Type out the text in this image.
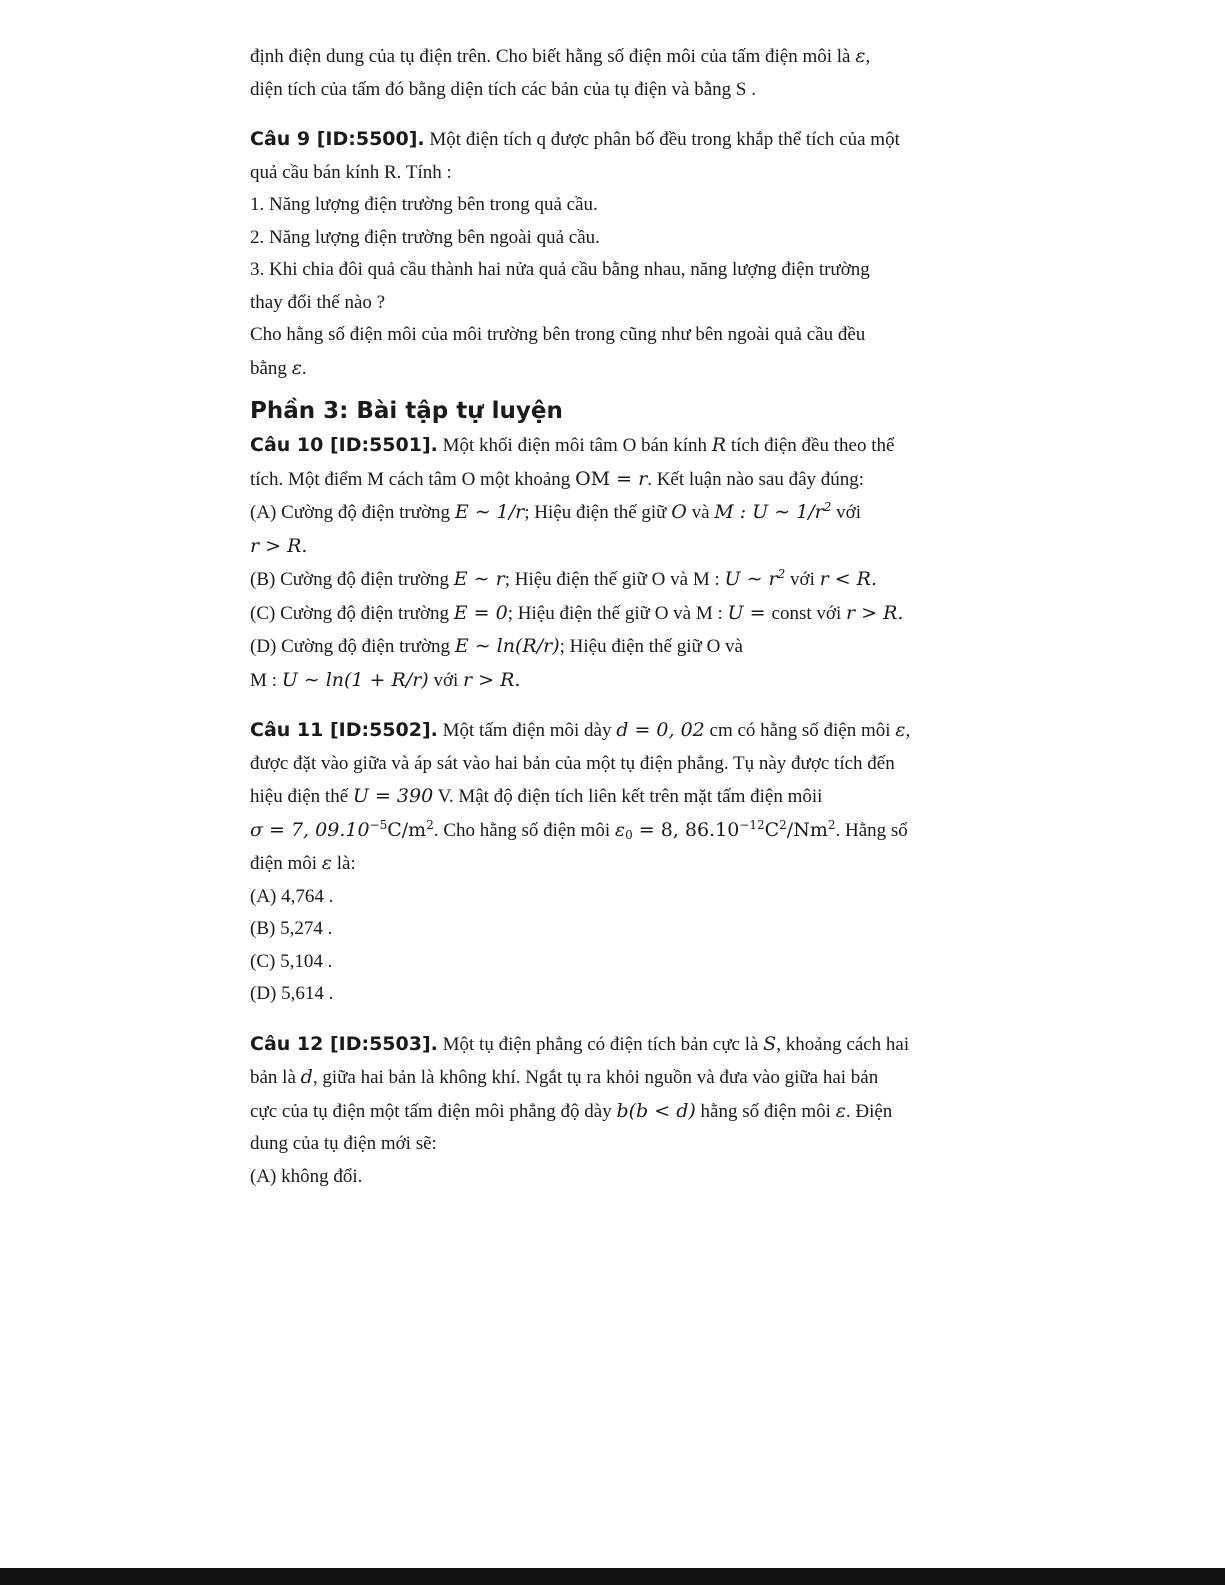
định điện dung của tụ điện trên. Cho biết hằng số điện môi của tấm điện môi là ε,

diện tích của tấm đó bằng diện tích các bản của tụ điện và bằng S .

Câu 9 [ID:5500]. Một điện tích q được phân bố đều trong khắp thể tích của một

quả cầu bán kính R. Tính :

1. Năng lượng điện trường bên trong quả cầu.

2. Năng lượng điện trường bên ngoài quả cầu.

3. Khi chia đôi quả cầu thành hai nửa quả cầu bằng nhau, năng lượng điện trường

thay đổi thế nào ?

Cho hằng số điện môi của môi trường bên trong cũng như bên ngoài quả cầu đều

bằng ε.

Phần 3: Bài tập tự luyện

Câu 10 [ID:5501]. Một khối điện môi tâm O bán kính R tích điện đều theo thể

tích. Một điểm M cách tâm O một khoảng OM = r. Kết luận nào sau đây đúng:

(A) Cường độ điện trường E ∼ 1/r; Hiệu điện thế giữ O và M : U ∼ $1/r^2$ với

r > R.

(B) Cường độ điện trường E ∼ r; Hiệu điện thế giữ O và M : U ∼ $r^2$ với r < R.

(C) Cường độ điện trường E = 0; Hiệu điện thế giữ O và M : U = const với r > R.

(D) Cường độ điện trường E ∼ ln(R/r); Hiệu điện thế giữ O và

M : U ∼ ln(1 + R/r) với r > R.

Câu 11 [ID:5502]. Một tấm điện môi dày d = 0, 02 cm có hằng số điện môi ε,

được đặt vào giữa và áp sát vào hai bản của một tụ điện phẳng. Tụ này được tích đến

hiệu điện thế U = 390 V. Mật độ điện tích liên kết trên mặt tấm điện môii

σ = 7, $09.10^{-5}C/m^2$. Cho hằng số điện môi $\varepsilon_0 = 8$, $86.10^{-12}C^2/Nm^2$. Hằng số

điện môi ε là:

(A) 4,764 .

(B) 5,274 .

(C) 5,104 .

(D) 5,614 .

Câu 12 [ID:5503]. Một tụ điện phẳng có điện tích bản cực là S, khoảng cách hai

bản là d, giữa hai bản là không khí. Ngắt tụ ra khỏi nguồn và đưa vào giữa hai bản

cực của tụ điện một tấm điện môi phẳng độ dày b(b < d) hằng số điện môi ε. Điện

dung của tụ điện mới sẽ:

(A) không đổi.
